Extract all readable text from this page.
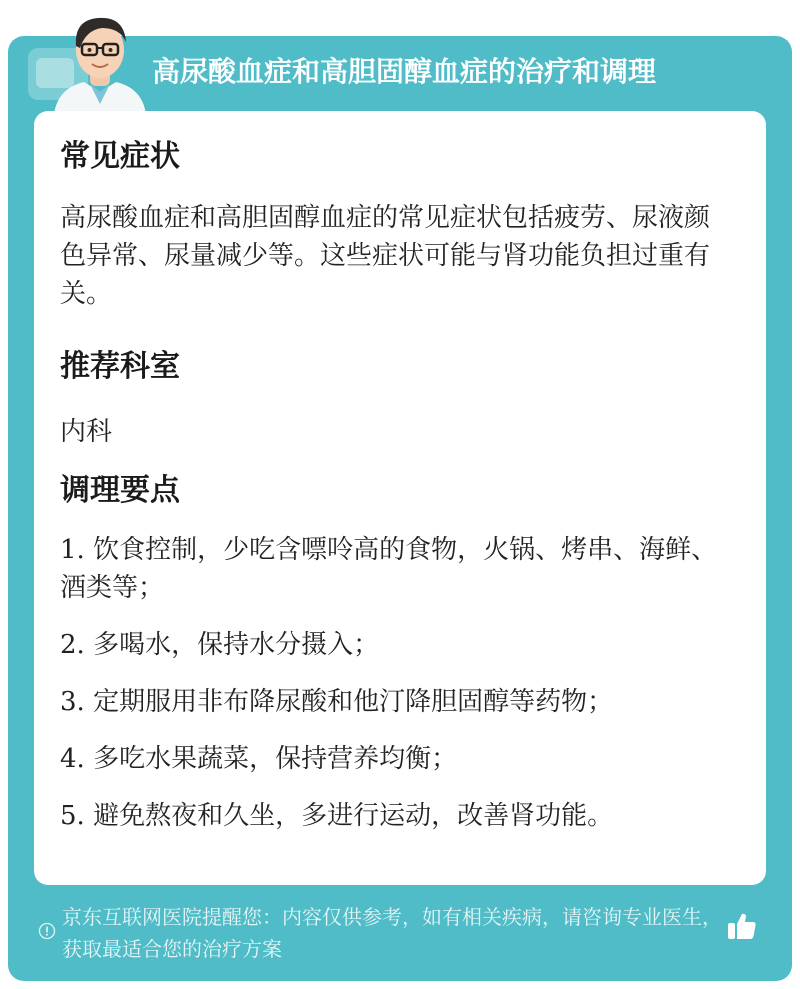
高尿酸血症和高胆固醇血症的治疗和调理
常见症状
高尿酸血症和高胆固醇血症的常见症状包括疲劳、尿液颜色异常、尿量减少等。这些症状可能与肾功能负担过重有关。
推荐科室
内科
调理要点
1. 饮食控制，少吃含嘌呤高的食物，火锅、烤串、海鲜、酒类等；
2. 多喝水，保持水分摄入；
3. 定期服用非布降尿酸和他汀降胆固醇等药物；
4. 多吃水果蔬菜，保持营养均衡；
5. 避免熬夜和久坐，多进行运动，改善肾功能。
京东互联网医院提醒您：内容仅供参考，如有相关疾病，请咨询专业医生，获取最适合您的治疗方案
